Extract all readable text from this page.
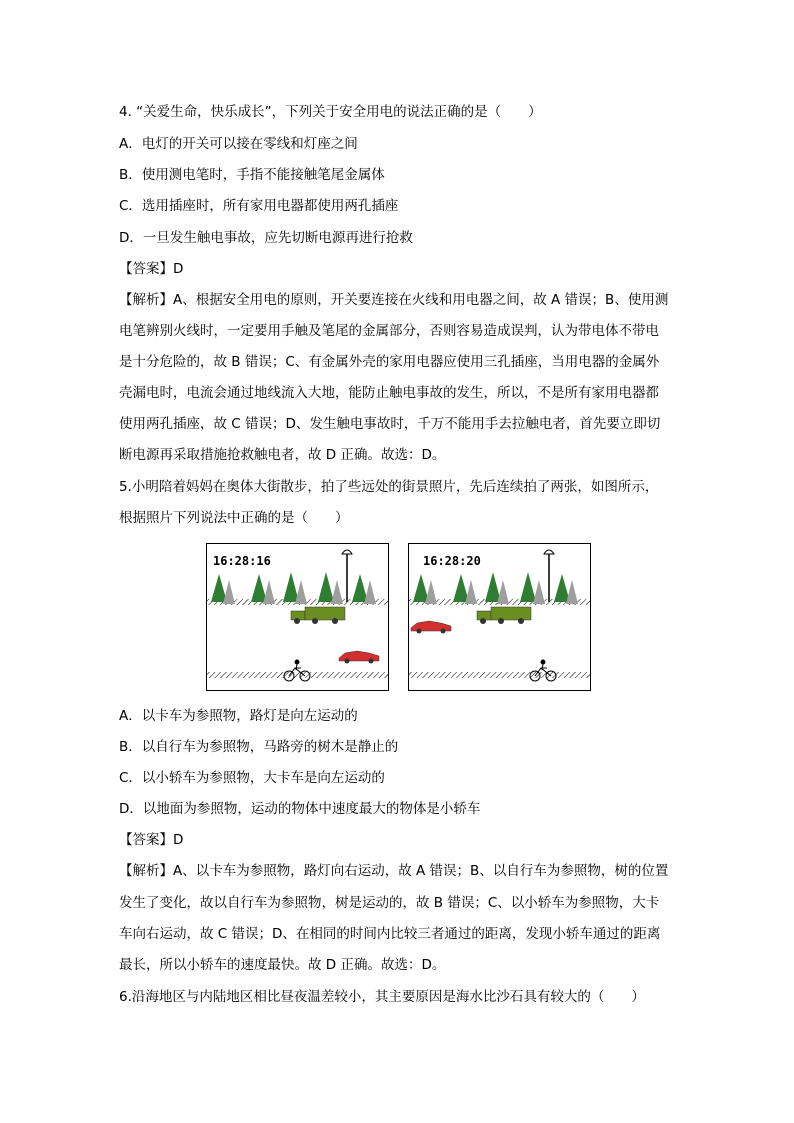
4. “关爱生命，快乐成长”，下列关于安全用电的说法正确的是（　　）
A．电灯的开关可以接在零线和灯座之间
B．使用测电笔时，手指不能接触笔尾金属体
C．选用插座时，所有家用电器都使用两孔插座
D．一旦发生触电事故，应先切断电源再进行抢救
【答案】D
【解析】A、根据安全用电的原则，开关要连接在火线和用电器之间，故 A 错误；B、使用测
电笔辨别火线时，一定要用手触及笔尾的金属部分，否则容易造成误判，认为带电体不带电
是十分危险的，故 B 错误；C、有金属外壳的家用电器应使用三孔插座，当用电器的金属外
壳漏电时，电流会通过地线流入大地，能防止触电事故的发生，所以，不是所有家用电器都
使用两孔插座，故 C 错误；D、发生触电事故时，千万不能用手去拉触电者，首先要立即切
断电源再采取措施抢救触电者，故 D 正确。故选：D。
5.小明陪着妈妈在奥体大街散步，拍了些远处的街景照片，先后连续拍了两张，如图所示，
根据照片下列说法中正确的是（　　）
16:28:16	16:28:20
A．以卡车为参照物，路灯是向左运动的
B．以自行车为参照物，马路旁的树木是静止的
C．以小轿车为参照物，大卡车是向左运动的
D．以地面为参照物，运动的物体中速度最大的物体是小轿车
【答案】D
【解析】A、以卡车为参照物，路灯向右运动，故 A 错误；B、以自行车为参照物，树的位置
发生了变化，故以自行车为参照物，树是运动的，故 B 错误；C、以小轿车为参照物，大卡
车向右运动，故 C 错误；D、在相同的时间内比较三者通过的距离，发现小轿车通过的距离
最长，所以小轿车的速度最快。故 D 正确。故选：D。
6.沿海地区与内陆地区相比昼夜温差较小，其主要原因是海水比沙石具有较大的（　　）
